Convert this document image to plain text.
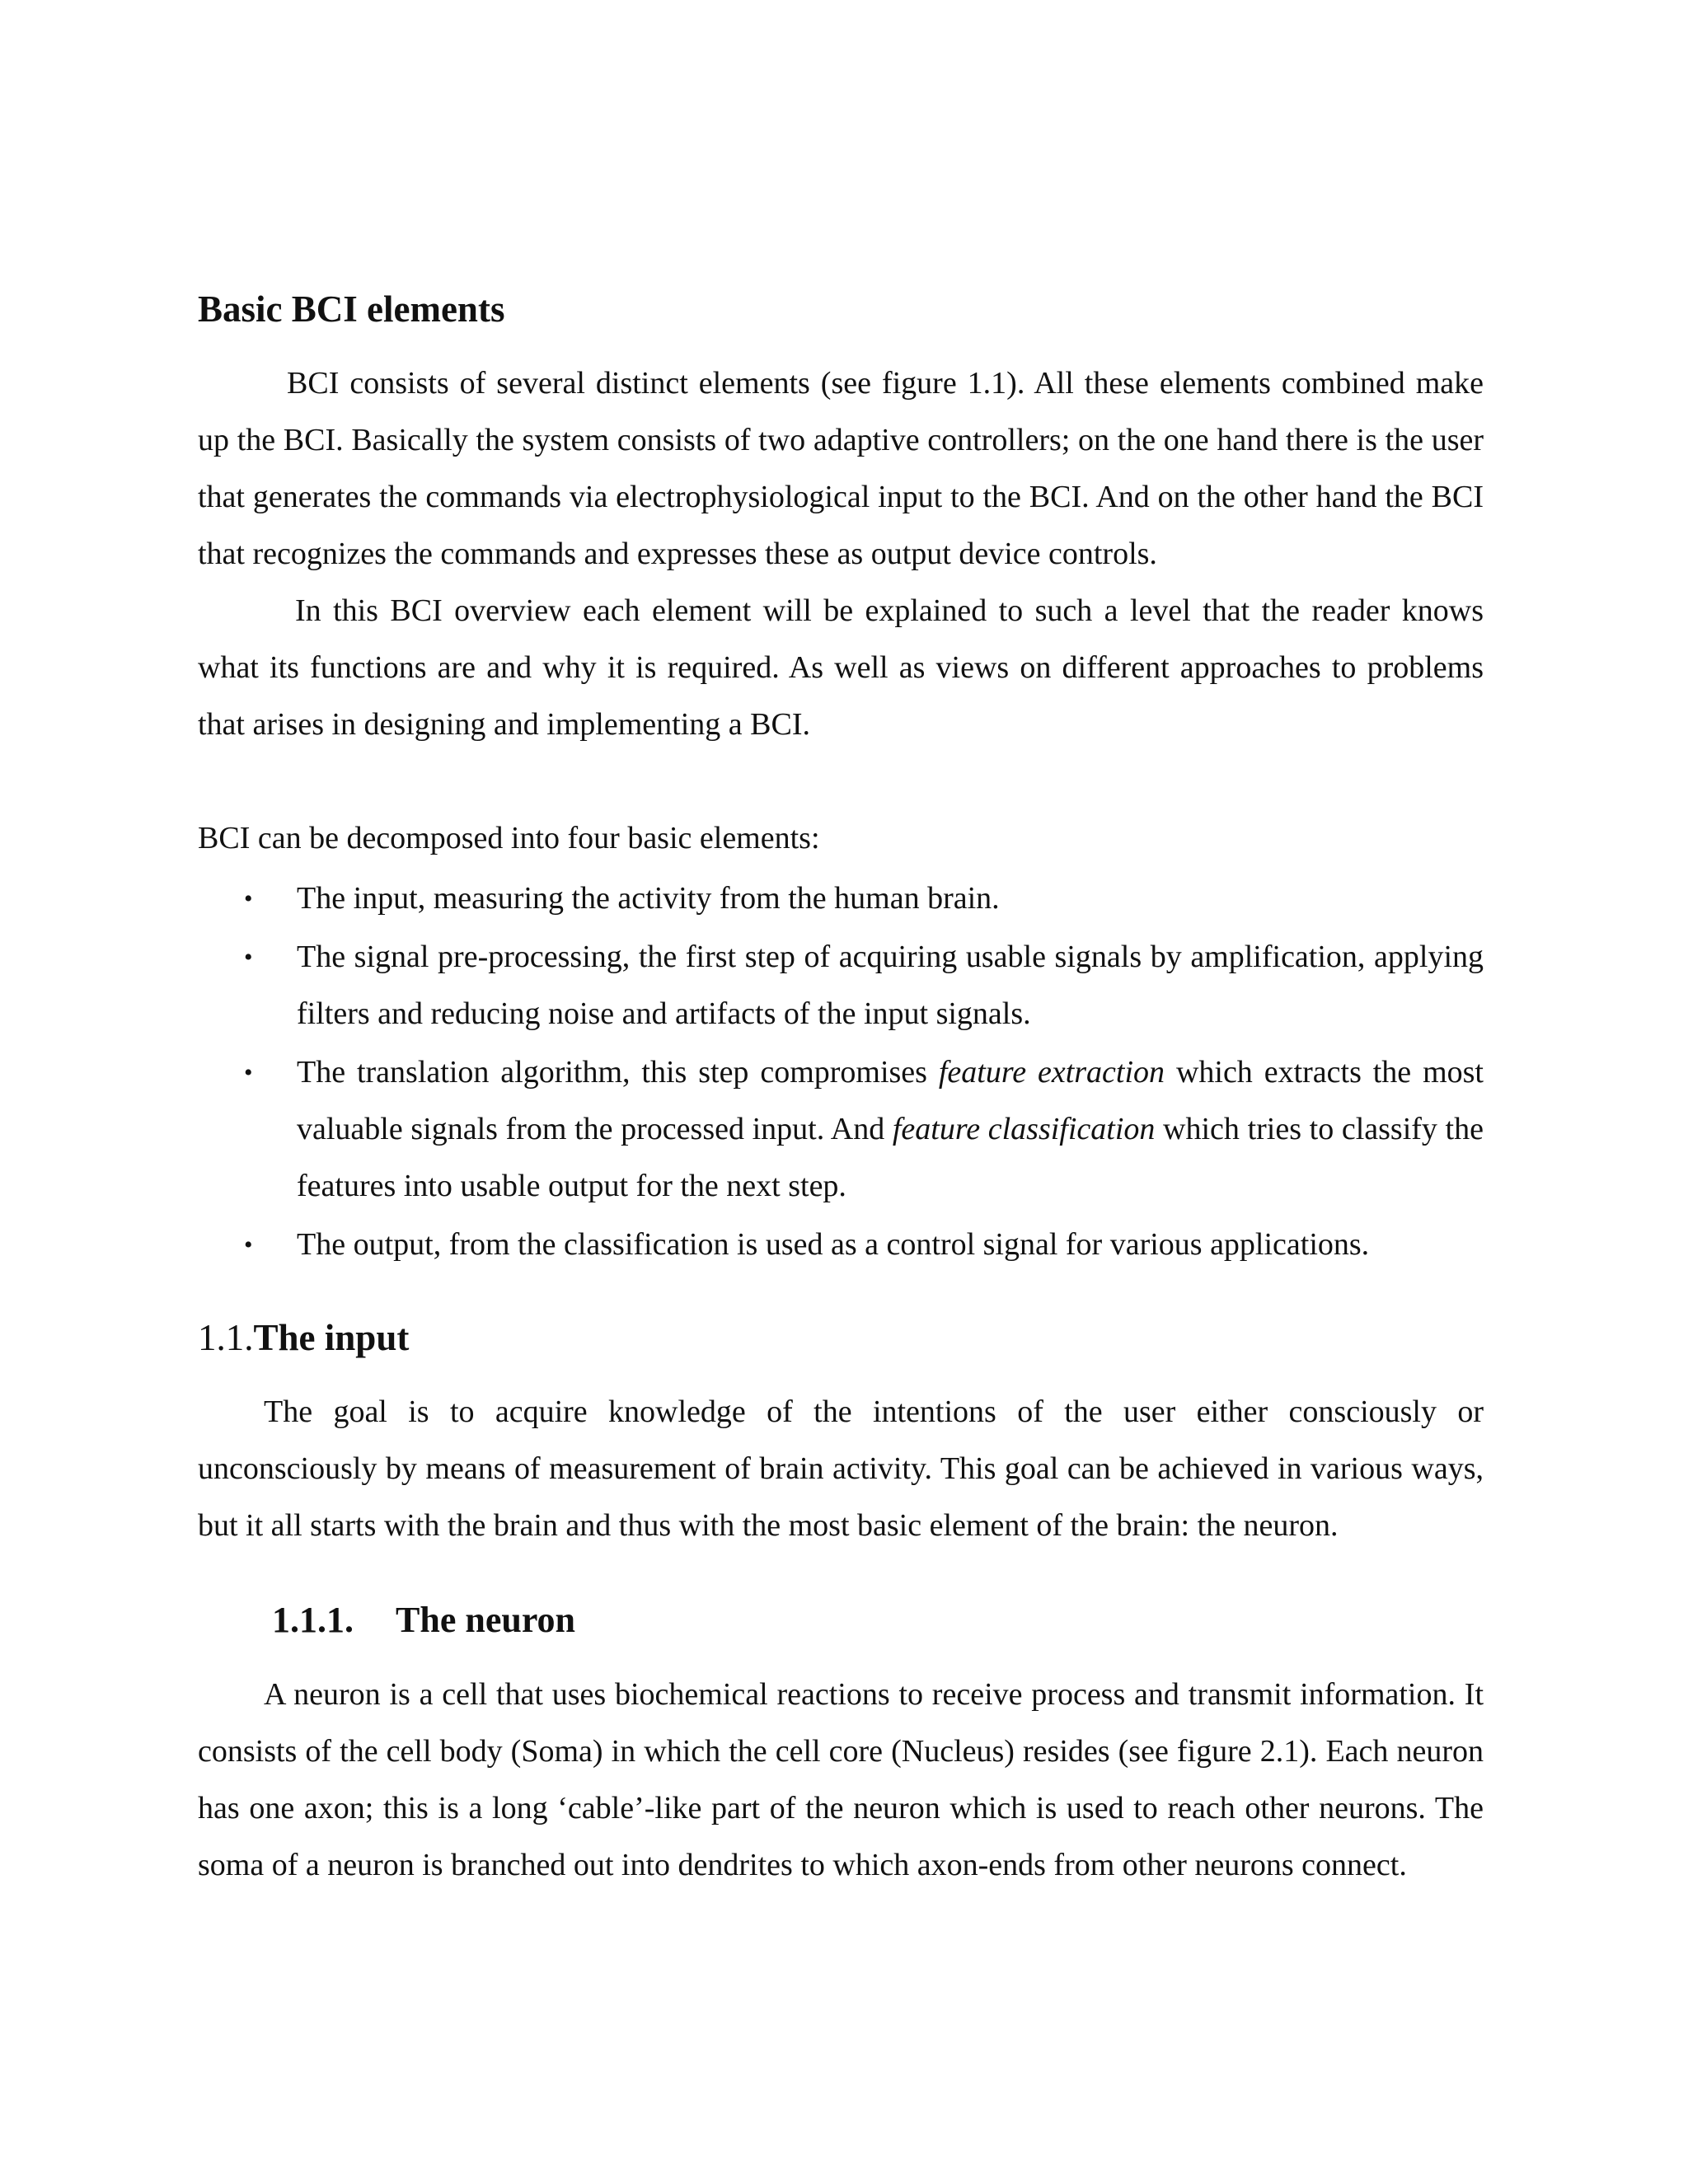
Basic BCI elements

BCI consists of several distinct elements (see figure 1.1). All these elements combined make up the BCI. Basically the system consists of two adaptive controllers; on the one hand there is the user that generates the commands via electrophysiological input to the BCI. And on the other hand the BCI that recognizes the commands and expresses these as output device controls.

In this BCI overview each element will be explained to such a level that the reader knows what its functions are and why it is required. As well as views on different approaches to problems that arises in designing and implementing a BCI.

BCI can be decomposed into four basic elements:

• The input, measuring the activity from the human brain.
• The signal pre-processing, the first step of acquiring usable signals by amplification, applying filters and reducing noise and artifacts of the input signals.
• The translation algorithm, this step compromises feature extraction which extracts the most valuable signals from the processed input. And feature classification which tries to classify the features into usable output for the next step.
• The output, from the classification is used as a control signal for various applications.
1.1.The input

The goal is to acquire knowledge of the intentions of the user either consciously or unconsciously by means of measurement of brain activity. This goal can be achieved in various ways, but it all starts with the brain and thus with the most basic element of the brain: the neuron.

1.1.1. The neuron

A neuron is a cell that uses biochemical reactions to receive process and transmit information. It consists of the cell body (Soma) in which the cell core (Nucleus) resides (see figure 2.1). Each neuron has one axon; this is a long ‘cable’-like part of the neuron which is used to reach other neurons. The soma of a neuron is branched out into dendrites to which axon-ends from other neurons connect.
